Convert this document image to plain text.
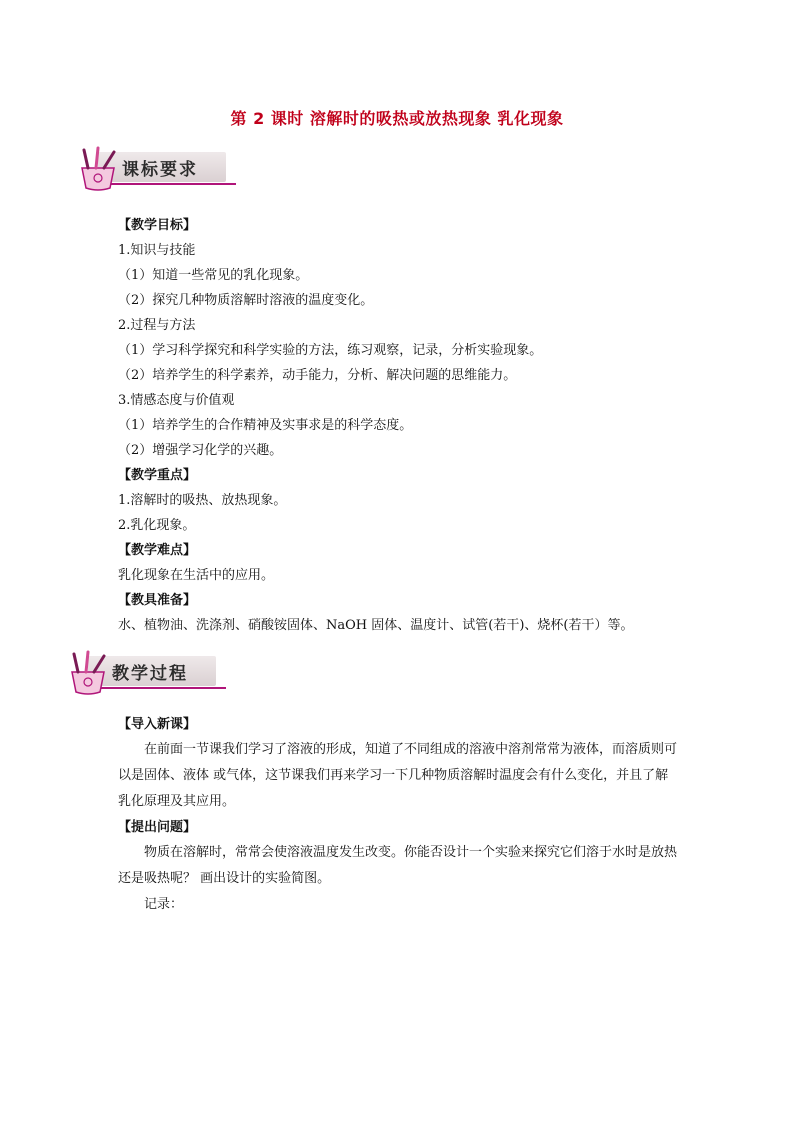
第 2 课时 溶解时的吸热或放热现象 乳化现象
课标要求
【教学目标】
1.知识与技能
（1）知道一些常见的乳化现象。
（2）探究几种物质溶解时溶液的温度变化。
2.过程与方法
（1）学习科学探究和科学实验的方法，练习观察，记录，分析实验现象。
（2）培养学生的科学素养，动手能力，分析、解决问题的思维能力。
3.情感态度与价值观
（1）培养学生的合作精神及实事求是的科学态度。
（2）增强学习化学的兴趣。
【教学重点】
1.溶解时的吸热、放热现象。
2.乳化现象。
【教学难点】
乳化现象在生活中的应用。
【教具准备】
水、植物油、洗涤剂、硝酸铵固体、NaOH 固体、温度计、试管(若干)、烧杯(若干）等。
教学过程
【导入新课】
在前面一节课我们学习了溶液的形成，知道了不同组成的溶液中溶剂常常为液体，而溶质则可以是固体、液体 或气体，这节课我们再来学习一下几种物质溶解时温度会有什么变化，并且了解乳化原理及其应用。
【提出问题】
物质在溶解时，常常会使溶液温度发生改变。你能否设计一个实验来探究它们溶于水时是放热还是吸热呢？ 画出设计的实验简图。
记录：
